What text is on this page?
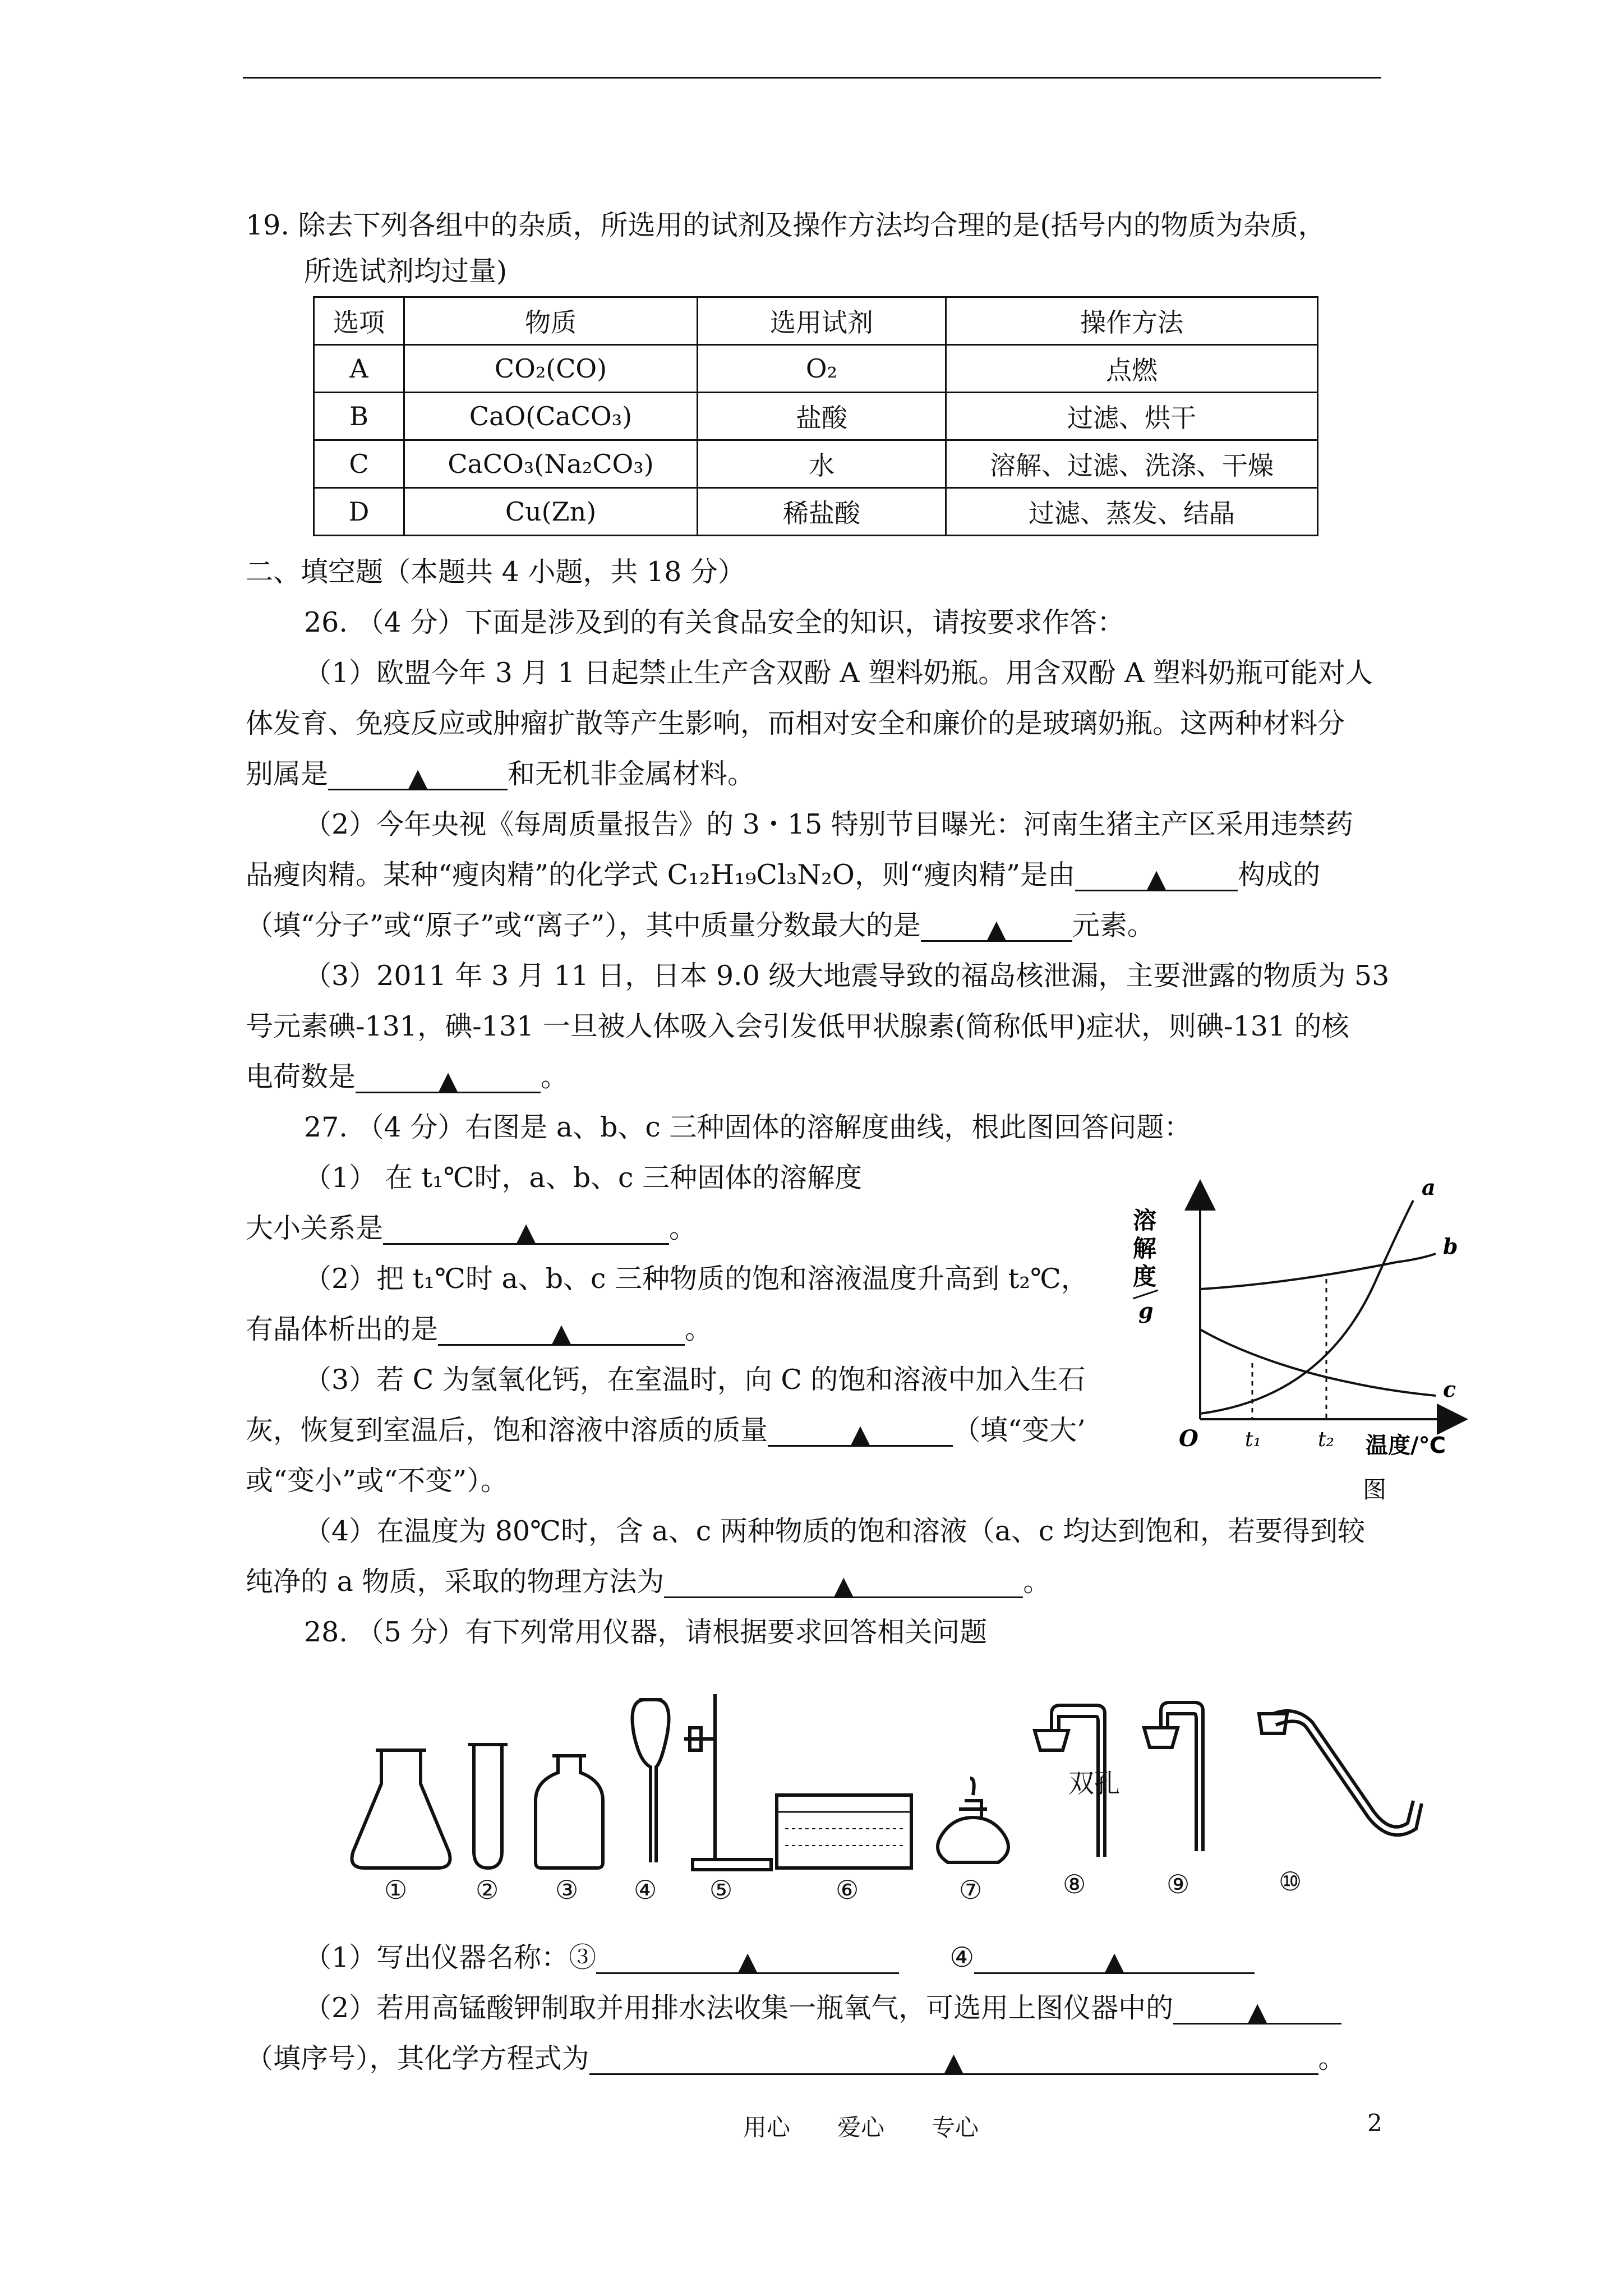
19. 除去下列各组中的杂质，所选用的试剂及操作方法均合理的是(括号内的物质为杂质，
所选试剂均过量)
选项	物质	选用试剂	操作方法
A	CO₂(CO)	O₂	点燃
B	CaO(CaCO₃)	盐酸	过滤、烘干
C	CaCO₃(Na₂CO₃)	水	溶解、过滤、洗涤、干燥
D	Cu(Zn)	稀盐酸	过滤、蒸发、结晶
二、填空题（本题共 4 小题，共 18 分）
26. （4 分）下面是涉及到的有关食品安全的知识，请按要求作答：
（1）欧盟今年 3 月 1 日起禁止生产含双酚 A 塑料奶瓶。用含双酚 A 塑料奶瓶可能对人
体发育、免疫反应或肿瘤扩散等产生影响，而相对安全和廉价的是玻璃奶瓶。这两种材料分
别属是	▲	和无机非金属材料。
（2）今年央视《每周质量报告》的 3・15 特别节目曝光：河南生猪主产区采用违禁药
品瘦肉精。某种“瘦肉精”的化学式 C₁₂H₁₉Cl₃N₂O，则“瘦肉精”是由	▲	构成的
（填“分子”或“原子”或“离子”），其中质量分数最大的是	▲ 元素。
（3）2011 年 3 月 11 日，日本 9.0 级大地震导致的福岛核泄漏，主要泄露的物质为 53
号元素碘-131，碘-131 一旦被人体吸入会引发低甲状腺素(简称低甲)症状，则碘-131 的核
电荷数是	▲	。
27. （4 分）右图是 a、b、c 三种固体的溶解度曲线，根此图回答问题：
（1） 在 t₁℃时，a、b、c 三种固体的溶解度
大小关系是	▲	。
（2）把 t₁℃时 a、b、c 三种物质的饱和溶液温度升高到 t₂℃，
有晶体析出的是	▲	。
（3）若 C 为氢氧化钙，在室温时，向 C 的饱和溶液中加入生石
灰，恢复到室温后，饱和溶液中溶质的质量	▲	（填“变大’
或“变小”或“不变”）。
（4）在温度为 80℃时，含 a、c 两种物质的饱和溶液（a、c 均达到饱和，若要得到较
纯净的 a 物质，采取的物理方法为	▲	。
溶
解
度
g
O t₁	t₂ 温度/℃
图
a
b
c
28. （5 分）有下列常用仪器，请根据要求回答相关问题
双孔
①	② ③ ④ ⑤	⑥	⑦	⑧	⑨	⑩
（1）写出仪器名称：③	▲	④	▲
（2）若用高锰酸钾制取并用排水法收集一瓶氧气，可选用上图仪器中的	▲
（填序号），其化学方程式为	▲	。
用心　　爱心　　专心	2
